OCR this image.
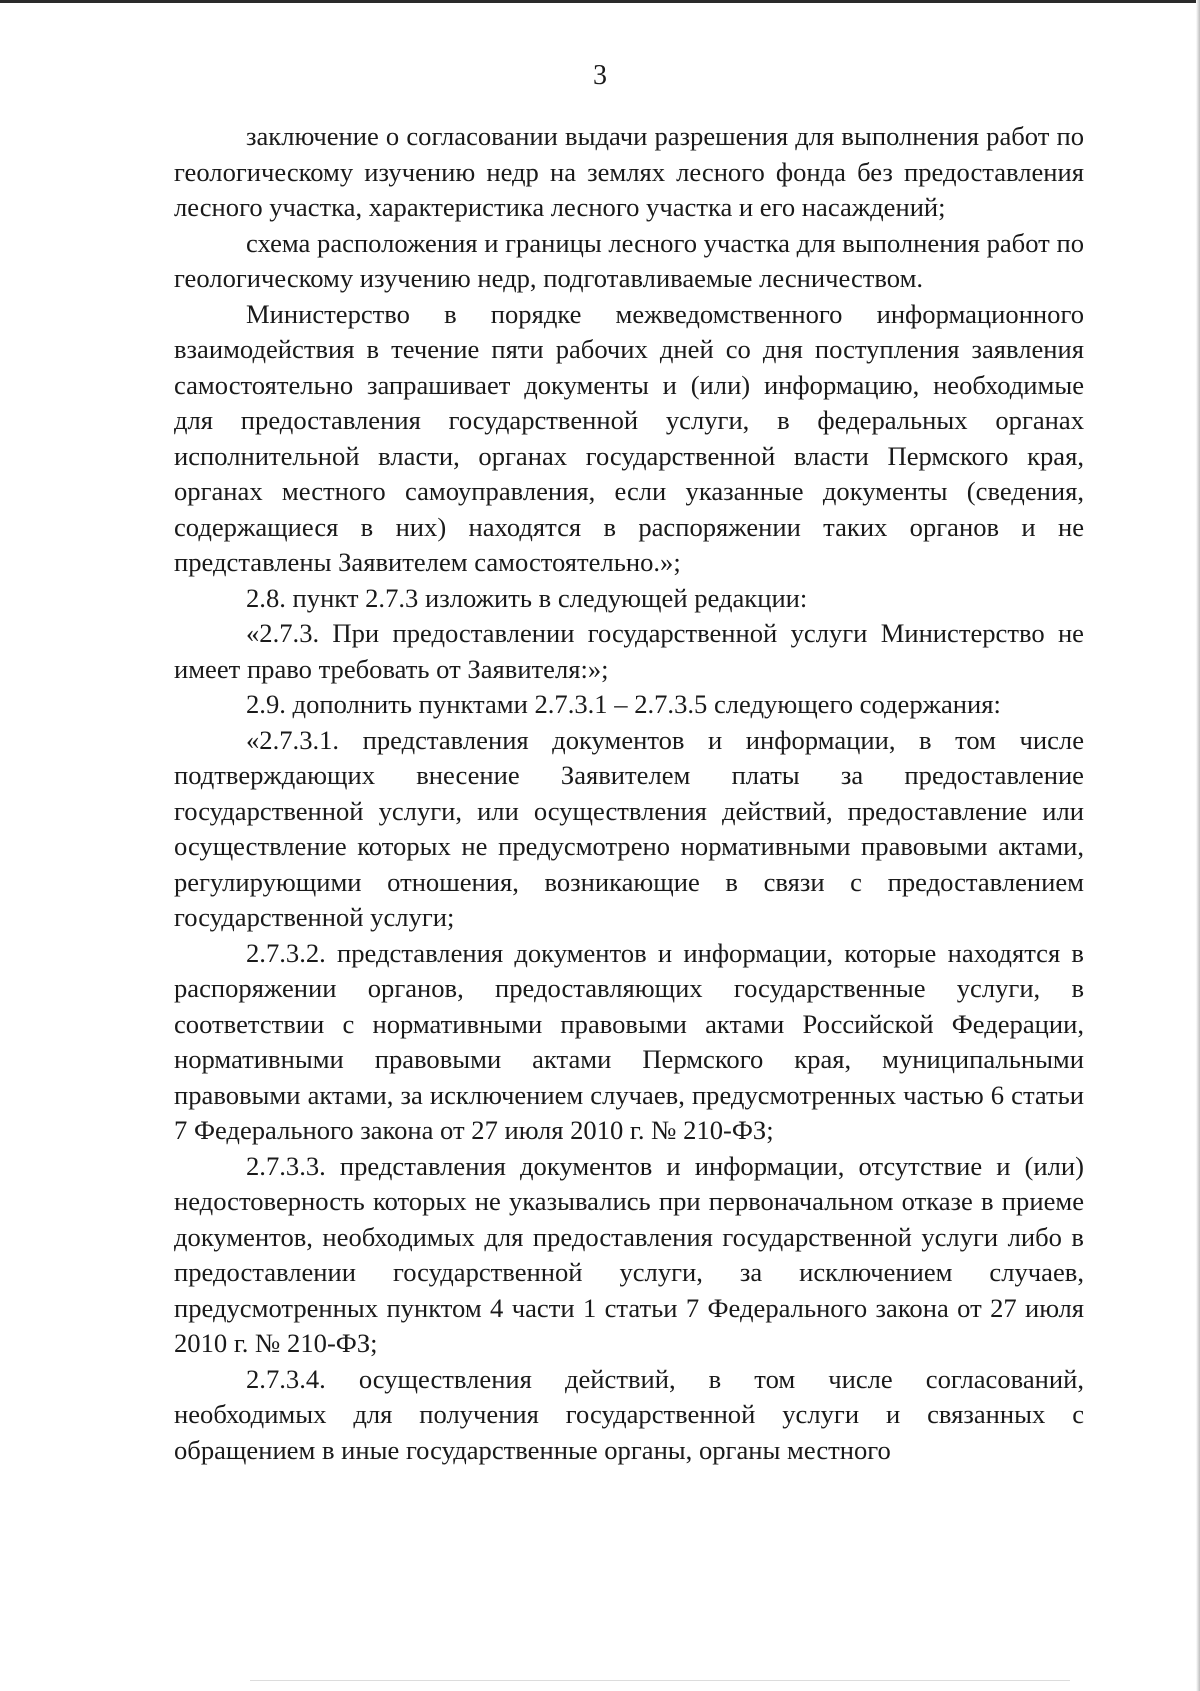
3

заключение о согласовании выдачи разрешения для выполнения работ по геологическому изучению недр на землях лесного фонда без предоставления лесного участка, характеристика лесного участка и его насаждений;

схема расположения и границы лесного участка для выполнения работ по геологическому изучению недр, подготавливаемые лесничеством.

Министерство в порядке межведомственного информационного взаимодействия в течение пяти рабочих дней со дня поступления заявления самостоятельно запрашивает документы и (или) информацию, необходимые для предоставления государственной услуги, в федеральных органах исполнительной власти, органах государственной власти Пермского края, органах местного самоуправления, если указанные документы (сведения, содержащиеся в них) находятся в распоряжении таких органов и не представлены Заявителем самостоятельно.»;

2.8. пункт 2.7.3 изложить в следующей редакции:

«2.7.3. При предоставлении государственной услуги Министерство не имеет право требовать от Заявителя:»;

2.9. дополнить пунктами 2.7.3.1 – 2.7.3.5 следующего содержания:

«2.7.3.1. представления документов и информации, в том числе подтверждающих внесение Заявителем платы за предоставление государственной услуги, или осуществления действий, предоставление или осуществление которых не предусмотрено нормативными правовыми актами, регулирующими отношения, возникающие в связи с предоставлением государственной услуги;

2.7.3.2. представления документов и информации, которые находятся в распоряжении органов, предоставляющих государственные услуги, в соответствии с нормативными правовыми актами Российской Федерации, нормативными правовыми актами Пермского края, муниципальными правовыми актами, за исключением случаев, предусмотренных частью 6 статьи 7 Федерального закона от 27 июля 2010 г. № 210-ФЗ;

2.7.3.3. представления документов и информации, отсутствие и (или) недостоверность которых не указывались при первоначальном отказе в приеме документов, необходимых для предоставления государственной услуги либо в предоставлении государственной услуги, за исключением случаев, предусмотренных пунктом 4 части 1 статьи 7 Федерального закона от 27 июля 2010 г. № 210-ФЗ;

2.7.3.4. осуществления действий, в том числе согласований, необходимых для получения государственной услуги и связанных с обращением в иные государственные органы, органы местного
